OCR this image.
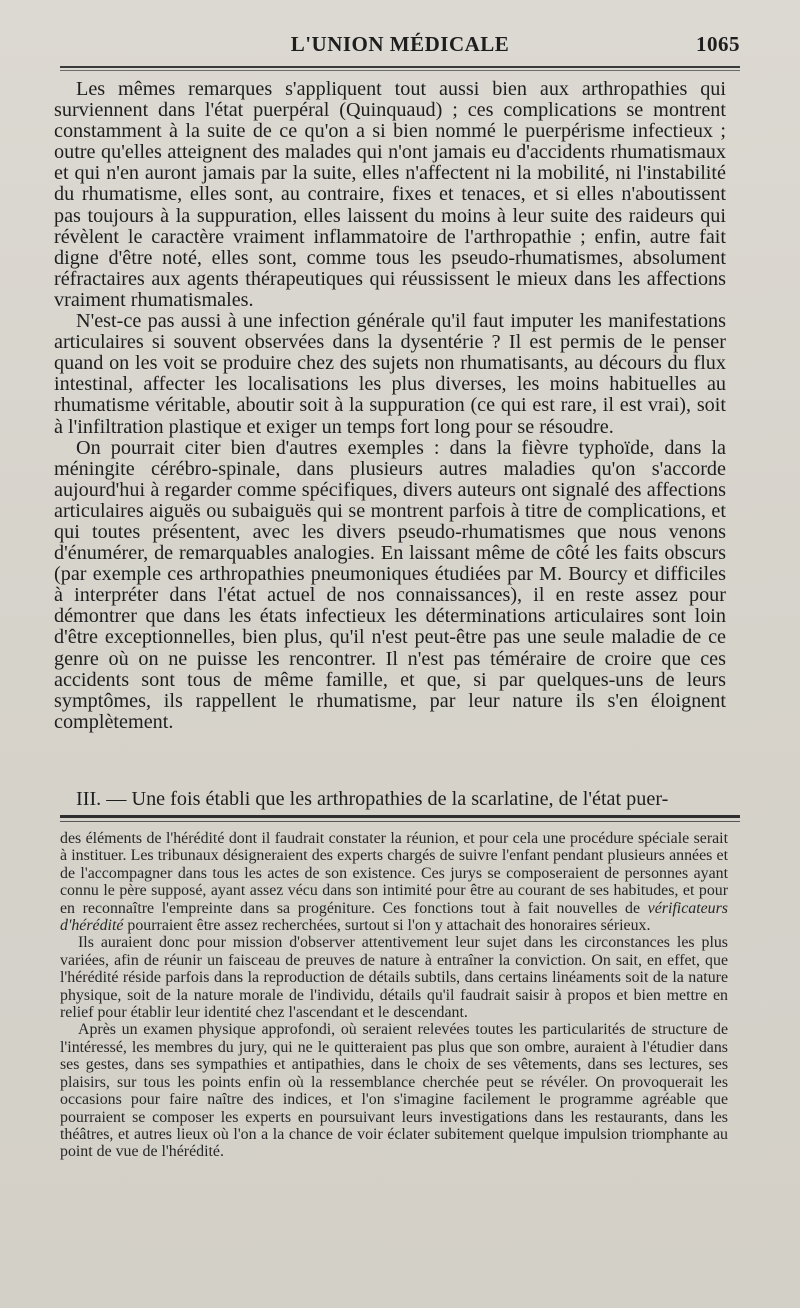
L'UNION MÉDICALE	1065

Les mêmes remarques s'appliquent tout aussi bien aux arthropathies qui surviennent dans l'état puerpéral (Quinquaud) ; ces complications se montrent constamment à la suite de ce qu'on a si bien nommé le puerpérisme infectieux ; outre qu'elles atteignent des malades qui n'ont jamais eu d'accidents rhumatismaux et qui n'en auront jamais par la suite, elles n'affectent ni la mobilité, ni l'instabilité du rhumatisme, elles sont, au contraire, fixes et tenaces, et si elles n'aboutissent pas toujours à la suppuration, elles laissent du moins à leur suite des raideurs qui révèlent le caractère vraiment inflammatoire de l'arthropathie ; enfin, autre fait digne d'être noté, elles sont, comme tous les pseudo-rhumatismes, absolument réfractaires aux agents thérapeutiques qui réussissent le mieux dans les affections vraiment rhumatismales.

N'est-ce pas aussi à une infection générale qu'il faut imputer les manifestations articulaires si souvent observées dans la dysentérie ? Il est permis de le penser quand on les voit se produire chez des sujets non rhumatisants, au décours du flux intestinal, affecter les localisations les plus diverses, les moins habituelles au rhumatisme véritable, aboutir soit à la suppuration (ce qui est rare, il est vrai), soit à l'infiltration plastique et exiger un temps fort long pour se résoudre.

On pourrait citer bien d'autres exemples : dans la fièvre typhoïde, dans la méningite cérébro-spinale, dans plusieurs autres maladies qu'on s'accorde aujourd'hui à regarder comme spécifiques, divers auteurs ont signalé des affections articulaires aiguës ou subaiguës qui se montrent parfois à titre de complications, et qui toutes présentent, avec les divers pseudo-rhumatismes que nous venons d'énumérer, de remarquables analogies. En laissant même de côté les faits obscurs (par exemple ces arthropathies pneumoniques étudiées par M. Bourcy et difficiles à interpréter dans l'état actuel de nos connaissances), il en reste assez pour démontrer que dans les états infectieux les déterminations articulaires sont loin d'être exceptionnelles, bien plus, qu'il n'est peut-être pas une seule maladie de ce genre où on ne puisse les rencontrer. Il n'est pas téméraire de croire que ces accidents sont tous de même famille, et que, si par quelques-uns de leurs symptômes, ils rappellent le rhumatisme, par leur nature ils s'en éloignent complètement.

III. — Une fois établi que les arthropathies de la scarlatine, de l'état puer-

des éléments de l'hérédité dont il faudrait constater la réunion, et pour cela une procédure spéciale serait à instituer. Les tribunaux désigneraient des experts chargés de suivre l'enfant pendant plusieurs années et de l'accompagner dans tous les actes de son existence. Ces jurys se composeraient de personnes ayant connu le père supposé, ayant assez vécu dans son intimité pour être au courant de ses habitudes, et pour en reconnaître l'empreinte dans sa progéniture. Ces fonctions tout à fait nouvelles de vérificateurs d'hérédité pourraient être assez recherchées, surtout si l'on y attachait des honoraires sérieux.

Ils auraient donc pour mission d'observer attentivement leur sujet dans les circonstances les plus variées, afin de réunir un faisceau de preuves de nature à entraîner la conviction. On sait, en effet, que l'hérédité réside parfois dans la reproduction de détails subtils, dans certains linéaments soit de la nature physique, soit de la nature morale de l'individu, détails qu'il faudrait saisir à propos et bien mettre en relief pour établir leur identité chez l'ascendant et le descendant.

Après un examen physique approfondi, où seraient relevées toutes les particularités de structure de l'intéressé, les membres du jury, qui ne le quitteraient pas plus que son ombre, auraient à l'étudier dans ses gestes, dans ses sympathies et antipathies, dans le choix de ses vêtements, dans ses lectures, ses plaisirs, sur tous les points enfin où la ressemblance cherchée peut se révéler. On provoquerait les occasions pour faire naître des indices, et l'on s'imagine facilement le programme agréable que pourraient se composer les experts en poursuivant leurs investigations dans les restaurants, dans les théâtres, et autres lieux où l'on a la chance de voir éclater subitement quelque impulsion triomphante au point de vue de l'hérédité.
